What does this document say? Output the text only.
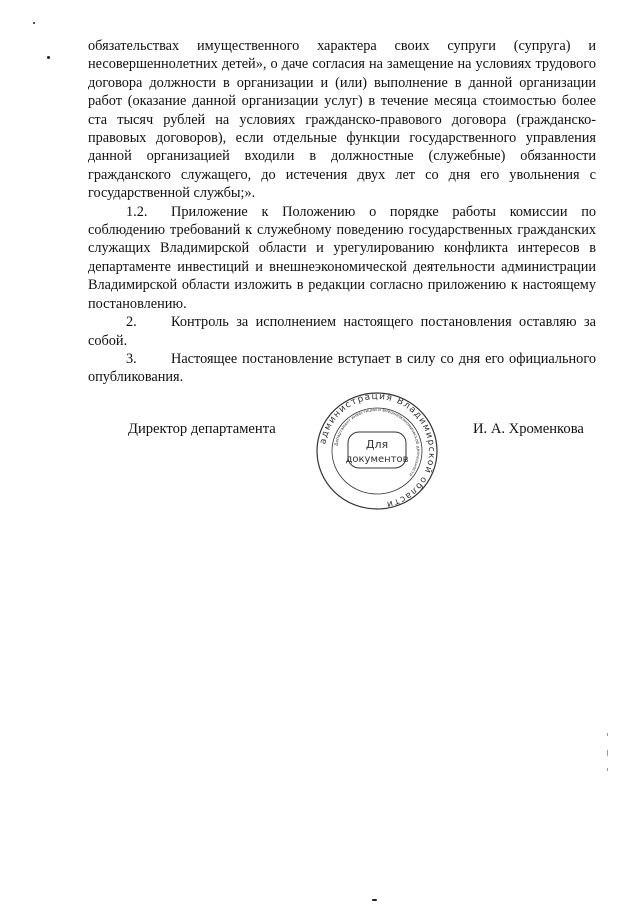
обязательствах имущественного характера своих супруги (супруга) и несовершеннолетних детей», о даче согласия на замещение на условиях трудового договора должности в организации и (или) выполнение в данной организации работ (оказание данной организации услуг) в течение месяца стоимостью более ста тысяч рублей на условиях гражданско-правового договора (гражданско-правовых договоров), если отдельные функции государственного управления данной организацией входили в должностные (служебные) обязанности гражданского служащего, до истечения двух лет со дня его увольнения с государственной службы;».

1.2. Приложение к Положению о порядке работы комиссии по соблюдению требований к служебному поведению государственных гражданских служащих Владимирской области и урегулированию конфликта интересов в департаменте инвестиций и внешнеэкономической деятельности администрации Владимирской области изложить в редакции согласно приложению к настоящему постановлению.

2. Контроль за исполнением настоящего постановления оставляю за собой.

3. Настоящее постановление вступает в силу со дня его официального опубликования.

Директор департамента
администрация Владимирской области
Департамент инвестиций и внешнеэкономической деятельности
Для
документов
И. А. Хроменкова
